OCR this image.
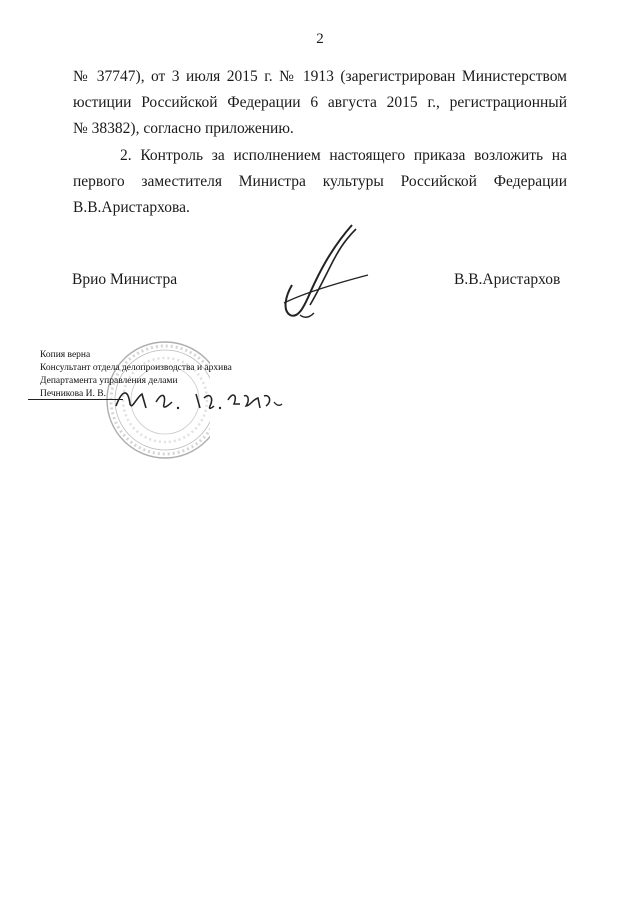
2
№ 37747), от 3 июля 2015 г. № 1913 (зарегистрирован Министерством
юстиции Российской Федерации 6 августа 2015 г., регистрационный
№ 38382), согласно приложению.
2. Контроль за исполнением настоящего приказа возложить на
первого заместителя Министра культуры Российской Федерации
В.В.Аристархова.
Врио Министра	В.В.Аристархов
Копия верна
Консультант отдела делопроизводства и архива
Департамента управления делами
Печникова И. В.
